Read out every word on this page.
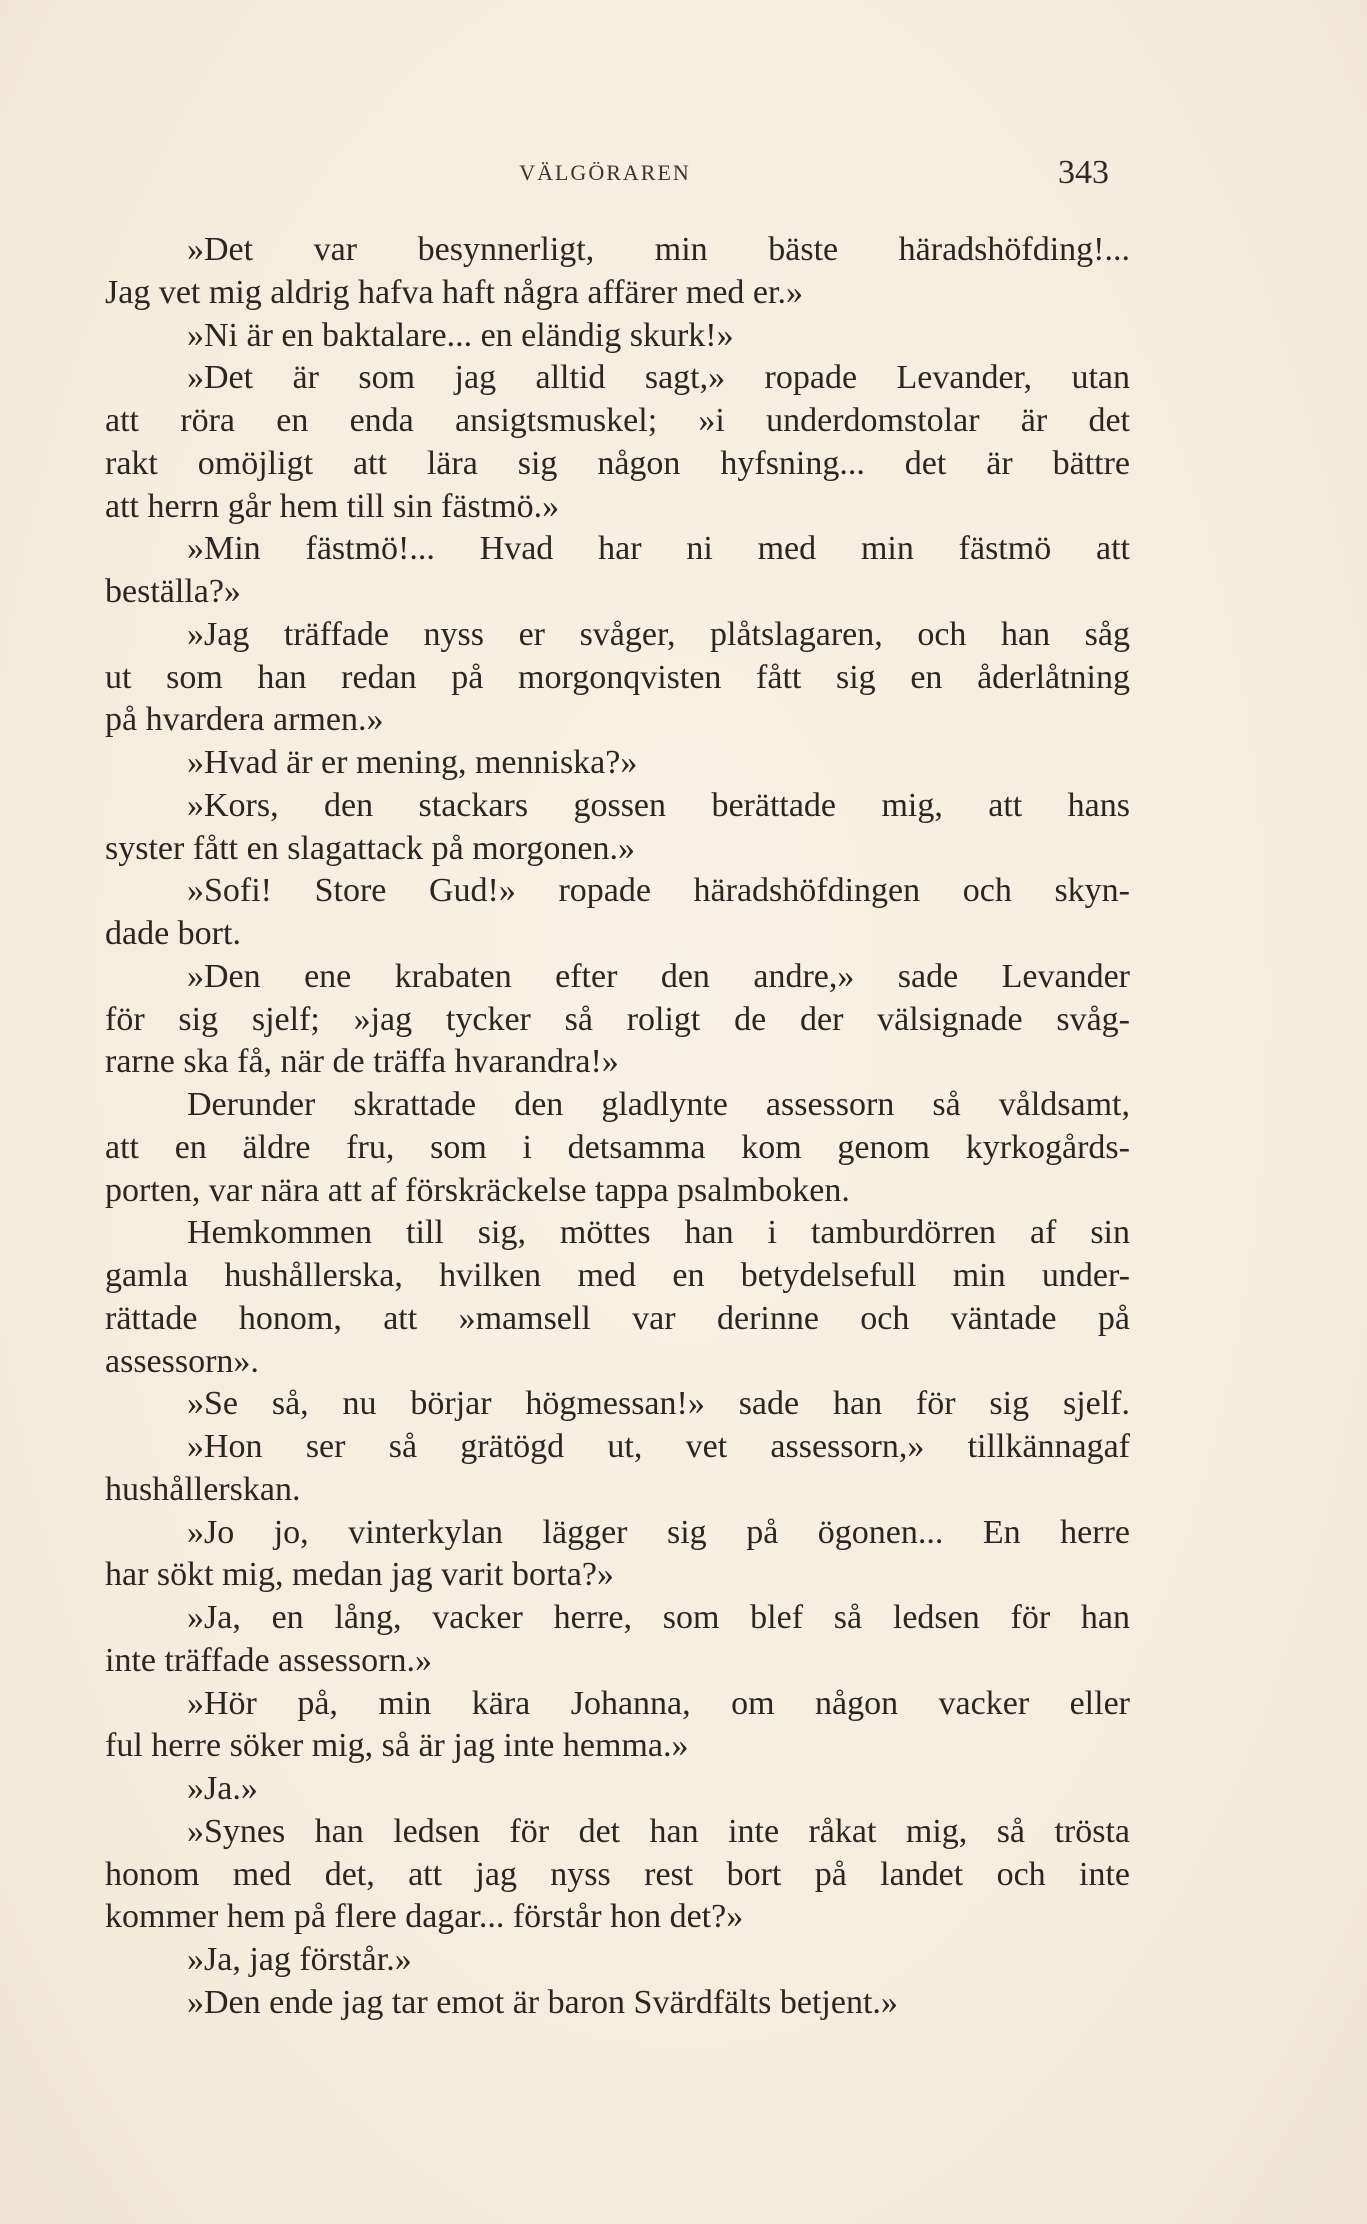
VÄLGÖRAREN	343
»Det var besynnerligt, min bäste häradshöfding!...
Jag vet mig aldrig hafva haft några affärer med er.»
»Ni är en baktalare... en eländig skurk!»
»Det är som jag alltid sagt,» ropade Levander, utan
att röra en enda ansigtsmuskel; »i underdomstolar är det
rakt omöjligt att lära sig någon hyfsning... det är bättre
att herrn går hem till sin fästmö.»
»Min fästmö!... Hvad har ni med min fästmö att
beställa?»
»Jag träffade nyss er svåger, plåtslagaren, och han såg
ut som han redan på morgonqvisten fått sig en åderlåtning
på hvardera armen.»
»Hvad är er mening, menniska?»
»Kors, den stackars gossen berättade mig, att hans
syster fått en slagattack på morgonen.»
»Sofi! Store Gud!» ropade häradshöfdingen och skyn-
dade bort.
»Den ene krabaten efter den andre,» sade Levander
för sig sjelf; »jag tycker så roligt de der välsignade svåg-
rarne ska få, när de träffa hvarandra!»
Derunder skrattade den gladlynte assessorn så våldsamt,
att en äldre fru, som i detsamma kom genom kyrkogårds-
porten, var nära att af förskräckelse tappa psalmboken.
Hemkommen till sig, möttes han i tamburdörren af sin
gamla hushållerska, hvilken med en betydelsefull min under-
rättade honom, att »mamsell var derinne och väntade på
assessorn».
»Se så, nu börjar högmessan!» sade han för sig sjelf.
»Hon ser så grätögd ut, vet assessorn,» tillkännagaf
hushållerskan.
»Jo jo, vinterkylan lägger sig på ögonen... En herre
har sökt mig, medan jag varit borta?»
»Ja, en lång, vacker herre, som blef så ledsen för han
inte träffade assessorn.»
»Hör på, min kära Johanna, om någon vacker eller
ful herre söker mig, så är jag inte hemma.»
»Ja.»
»Synes han ledsen för det han inte råkat mig, så trösta
honom med det, att jag nyss rest bort på landet och inte
kommer hem på flere dagar... förstår hon det?»
»Ja, jag förstår.»
»Den ende jag tar emot är baron Svärdfälts betjent.»
